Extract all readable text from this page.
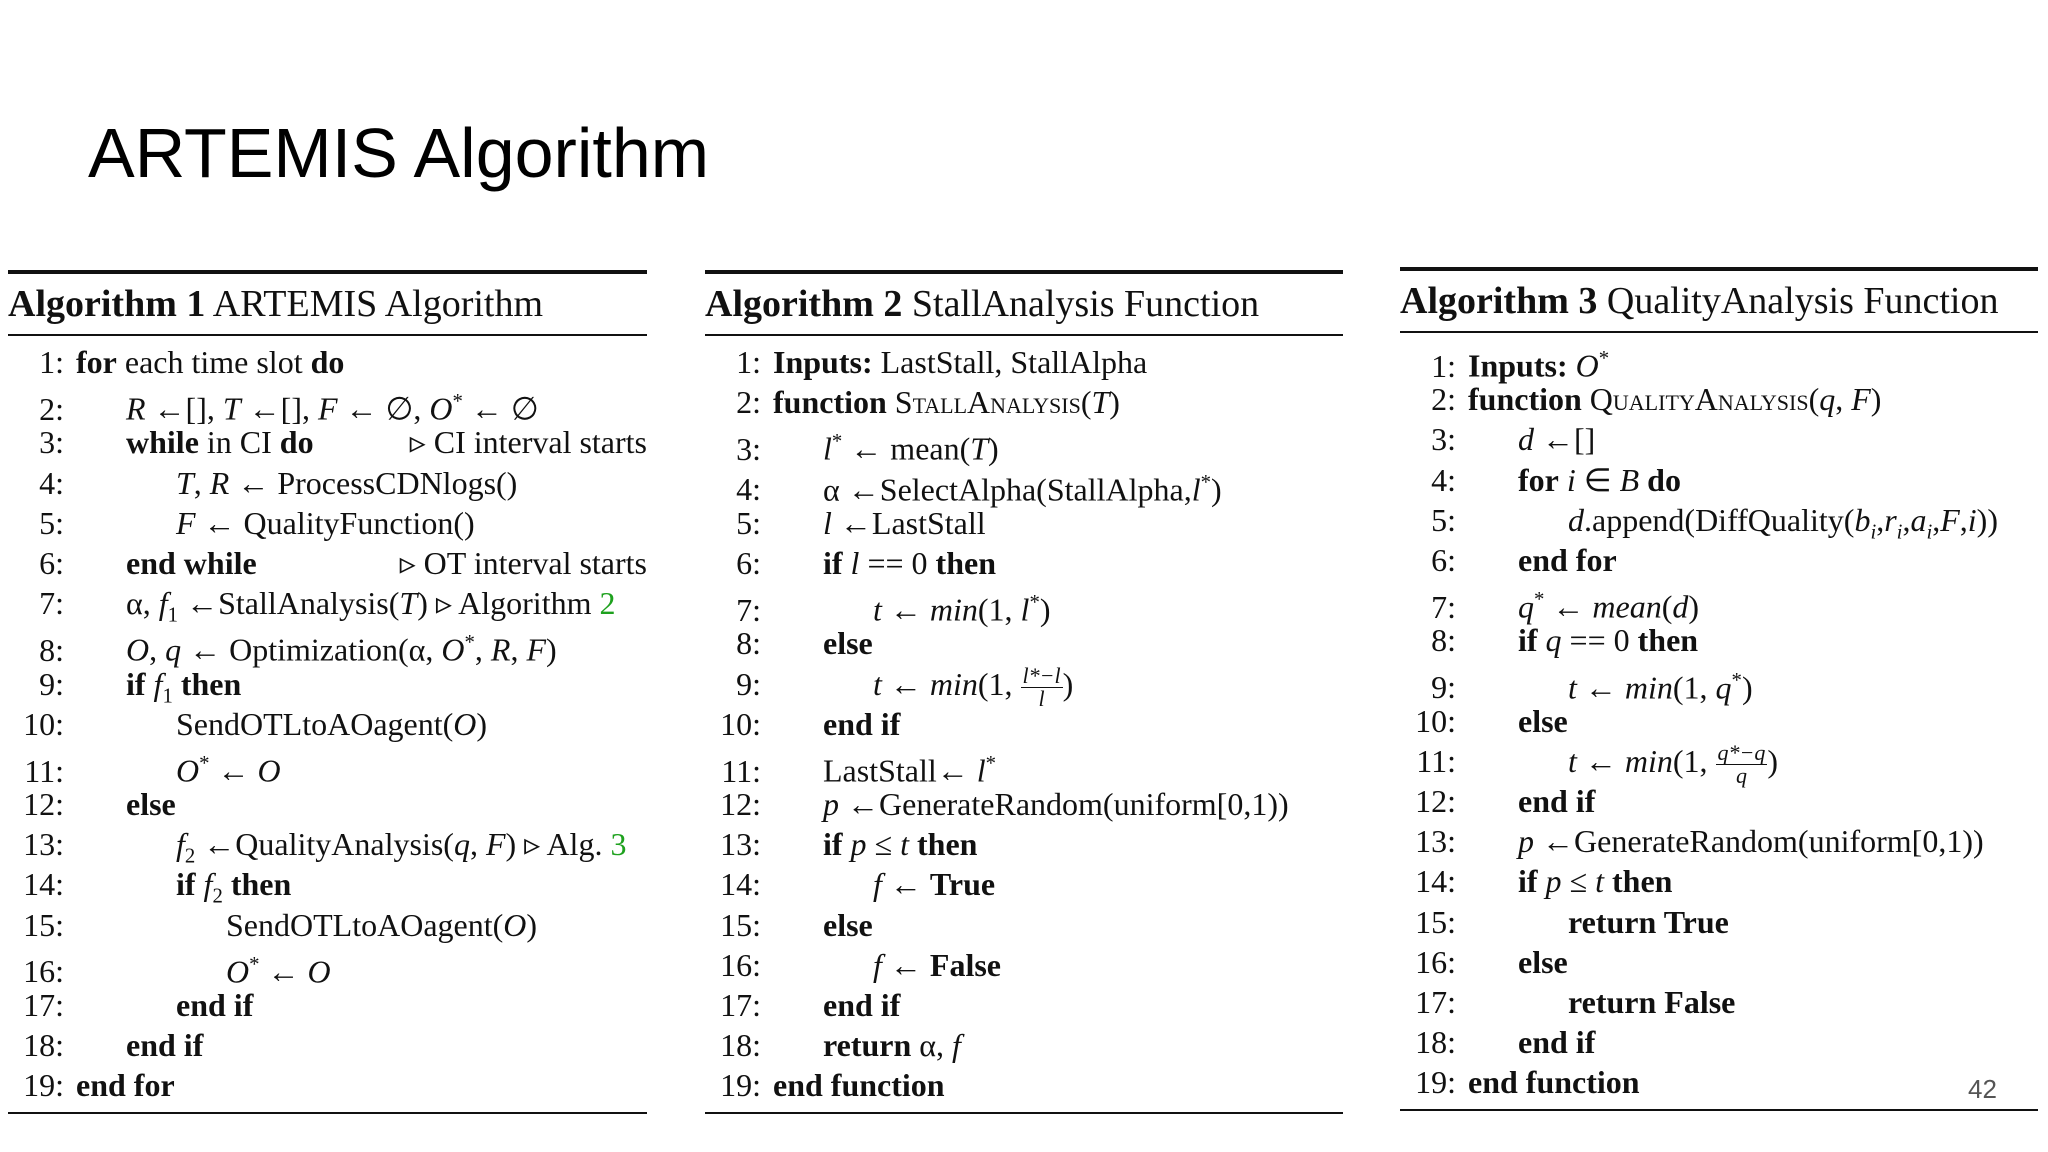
ARTEMIS Algorithm
Algorithm 1 ARTEMIS Algorithm
1: for each time slot do
2: R ←[], T ←[], F ← ∅, O* ← ∅
3: while in CI do	▹ CI interval starts
4:	T, R ← ProcessCDNlogs()
5:	F ← QualityFunction()
6: end while	▹ OT interval starts
7: α, $f_1$ ←StallAnalysis(T) ▹ Algorithm 2
8: O, q ← Optimization(α, O*, R, F)
9: if $f_1$ then
10:	SendOTLtoAOagent(O)
11:	O* ← O
12: else
13:	$f_2$ ←QualityAnalysis(q, F) ▹ Alg. 3
14:	if $f_2$ then
15:	SendOTLtoAOagent(O)
16:	O* ← O
17:	end if
18: end if
19: end for
Algorithm 2 StallAnalysis Function
1: Inputs: LastStall, StallAlpha
2: function StallAnalysis(T)
3: l* ← mean(T)
4: α ←SelectAlpha(StallAlpha,l*)
5: l ←LastStall
6: if l == 0 then
7:	t ← min(1, l*)
8: else
9:	t ← min(1, $\frac{l*-l}{l}$ )
10: end if
11: LastStall← l*
12: p ←GenerateRandom(uniform[0,1))
13: if p ≤ t then
14:	f ← True
15: else
16:	f ← False
17: end if
18: return α, f
19: end function
Algorithm 3 QualityAnalysis Function
1: Inputs: O*
2: function QualityAnalysis(q, F)
3: d ←[]
4: for i ∈ B do
5:	$d.append(DiffQuality(b_i,r_i,a_i,F,i))$
6: end for
7: q* ← mean(d)
8: if q == 0 then
9:	t ← min(1, q*)
10: else
11:	t ← min(1, $\frac{q*-q}{q}$ )
12: end if
13: p ←GenerateRandom(uniform[0,1))
14: if p ≤ t then
15:	return True
16: else
17:	return False
18: end if
19: end function	42
